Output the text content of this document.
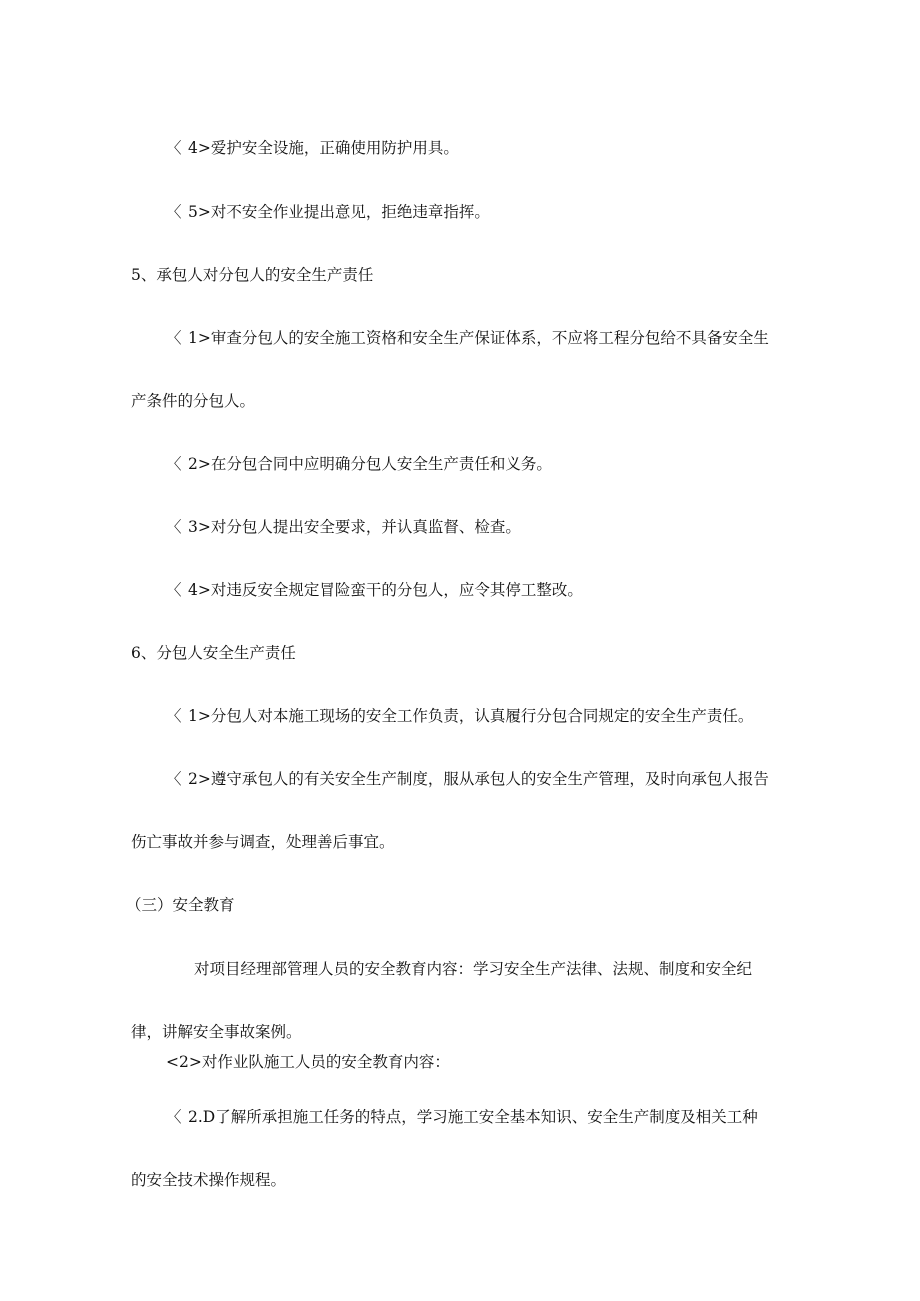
〈 4>爱护安全设施，正确使用防护用具。

〈 5>对不安全作业提出意见，拒绝违章指挥。

5、承包人对分包人的安全生产责任

〈 1>审查分包人的安全施工资格和安全生产保证体系，不应将工程分包给不具备安全生

产条件的分包人。

〈 2>在分包合同中应明确分包人安全生产责任和义务。

〈 3>对分包人提出安全要求，并认真监督、检查。

〈 4>对违反安全规定冒险蛮干的分包人，应令其停工整改。

6、分包人安全生产责任

〈 1>分包人对本施工现场的安全工作负责，认真履行分包合同规定的安全生产责任。

〈 2>遵守承包人的有关安全生产制度，服从承包人的安全生产管理，及时向承包人报告

伤亡事故并参与调查，处理善后事宜。

（三）安全教育

对项目经理部管理人员的安全教育内容：学习安全生产法律、法规、制度和安全纪

律，讲解安全事故案例。

<2>对作业队施工人员的安全教育内容：

〈 2.D了解所承担施工任务的特点，学习施工安全基本知识、安全生产制度及相关工种

的安全技术操作规程。
